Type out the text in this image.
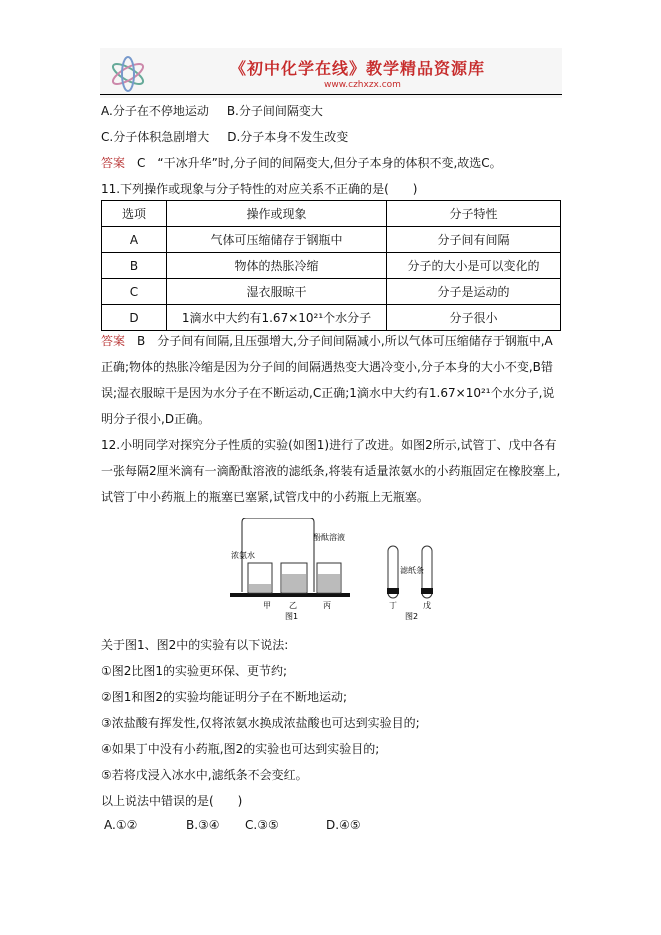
《初中化学在线》教学精品资源库
www.czhxzx.com
A.分子在不停地运动 B.分子间间隔变大
C.分子体积急剧增大 D.分子本身不发生改变
答案　 C　“干冰升华”时,分子间的间隔变大,但分子本身的体积不变,故选C。
11.下列操作或现象与分子特性的对应关系不正确的是(　　)
选项	操作或现象	分子特性
A	气体可压缩储存于钢瓶中	分子间有间隔
B	物体的热胀冷缩	分子的大小是可以变化的
C	湿衣服晾干	分子是运动的
D	1滴水中大约有1.67×10²¹个水分子	分子很小
答案　 B　分子间有间隔,且压强增大,分子间间隔减小,所以气体可压缩储存于钢瓶中,A正确;物体的热胀冷缩是因为分子间的间隔遇热变大遇冷变小,分子本身的大小不变,B错误;湿衣服晾干是因为水分子在不断运动,C正确;1滴水中大约有1.67×10²¹个水分子,说明分子很小,D正确。
12.小明同学对探究分子性质的实验(如图1)进行了改进。如图2所示,试管丁、戊中各有一张每隔2厘米滴有一滴酚酞溶液的滤纸条,将装有适量浓氨水的小药瓶固定在橡胶塞上,试管丁中小药瓶上的瓶塞已塞紧,试管戊中的小药瓶上无瓶塞。
浓氨水
酚酞溶液
甲 乙	丙
图1
滤纸条
丁	戊
图2
关于图1、图2中的实验有以下说法:
①图2比图1的实验更环保、更节约;
②图1和图2的实验均能证明分子在不断地运动;
③浓盐酸有挥发性,仅将浓氨水换成浓盐酸也可达到实验目的;
④如果丁中没有小药瓶,图2的实验也可达到实验目的;
⑤若将戊浸入冰水中,滤纸条不会变红。
以上说法中错误的是(　　)
A.①②	B.③④ C.③⑤	D.④⑤
